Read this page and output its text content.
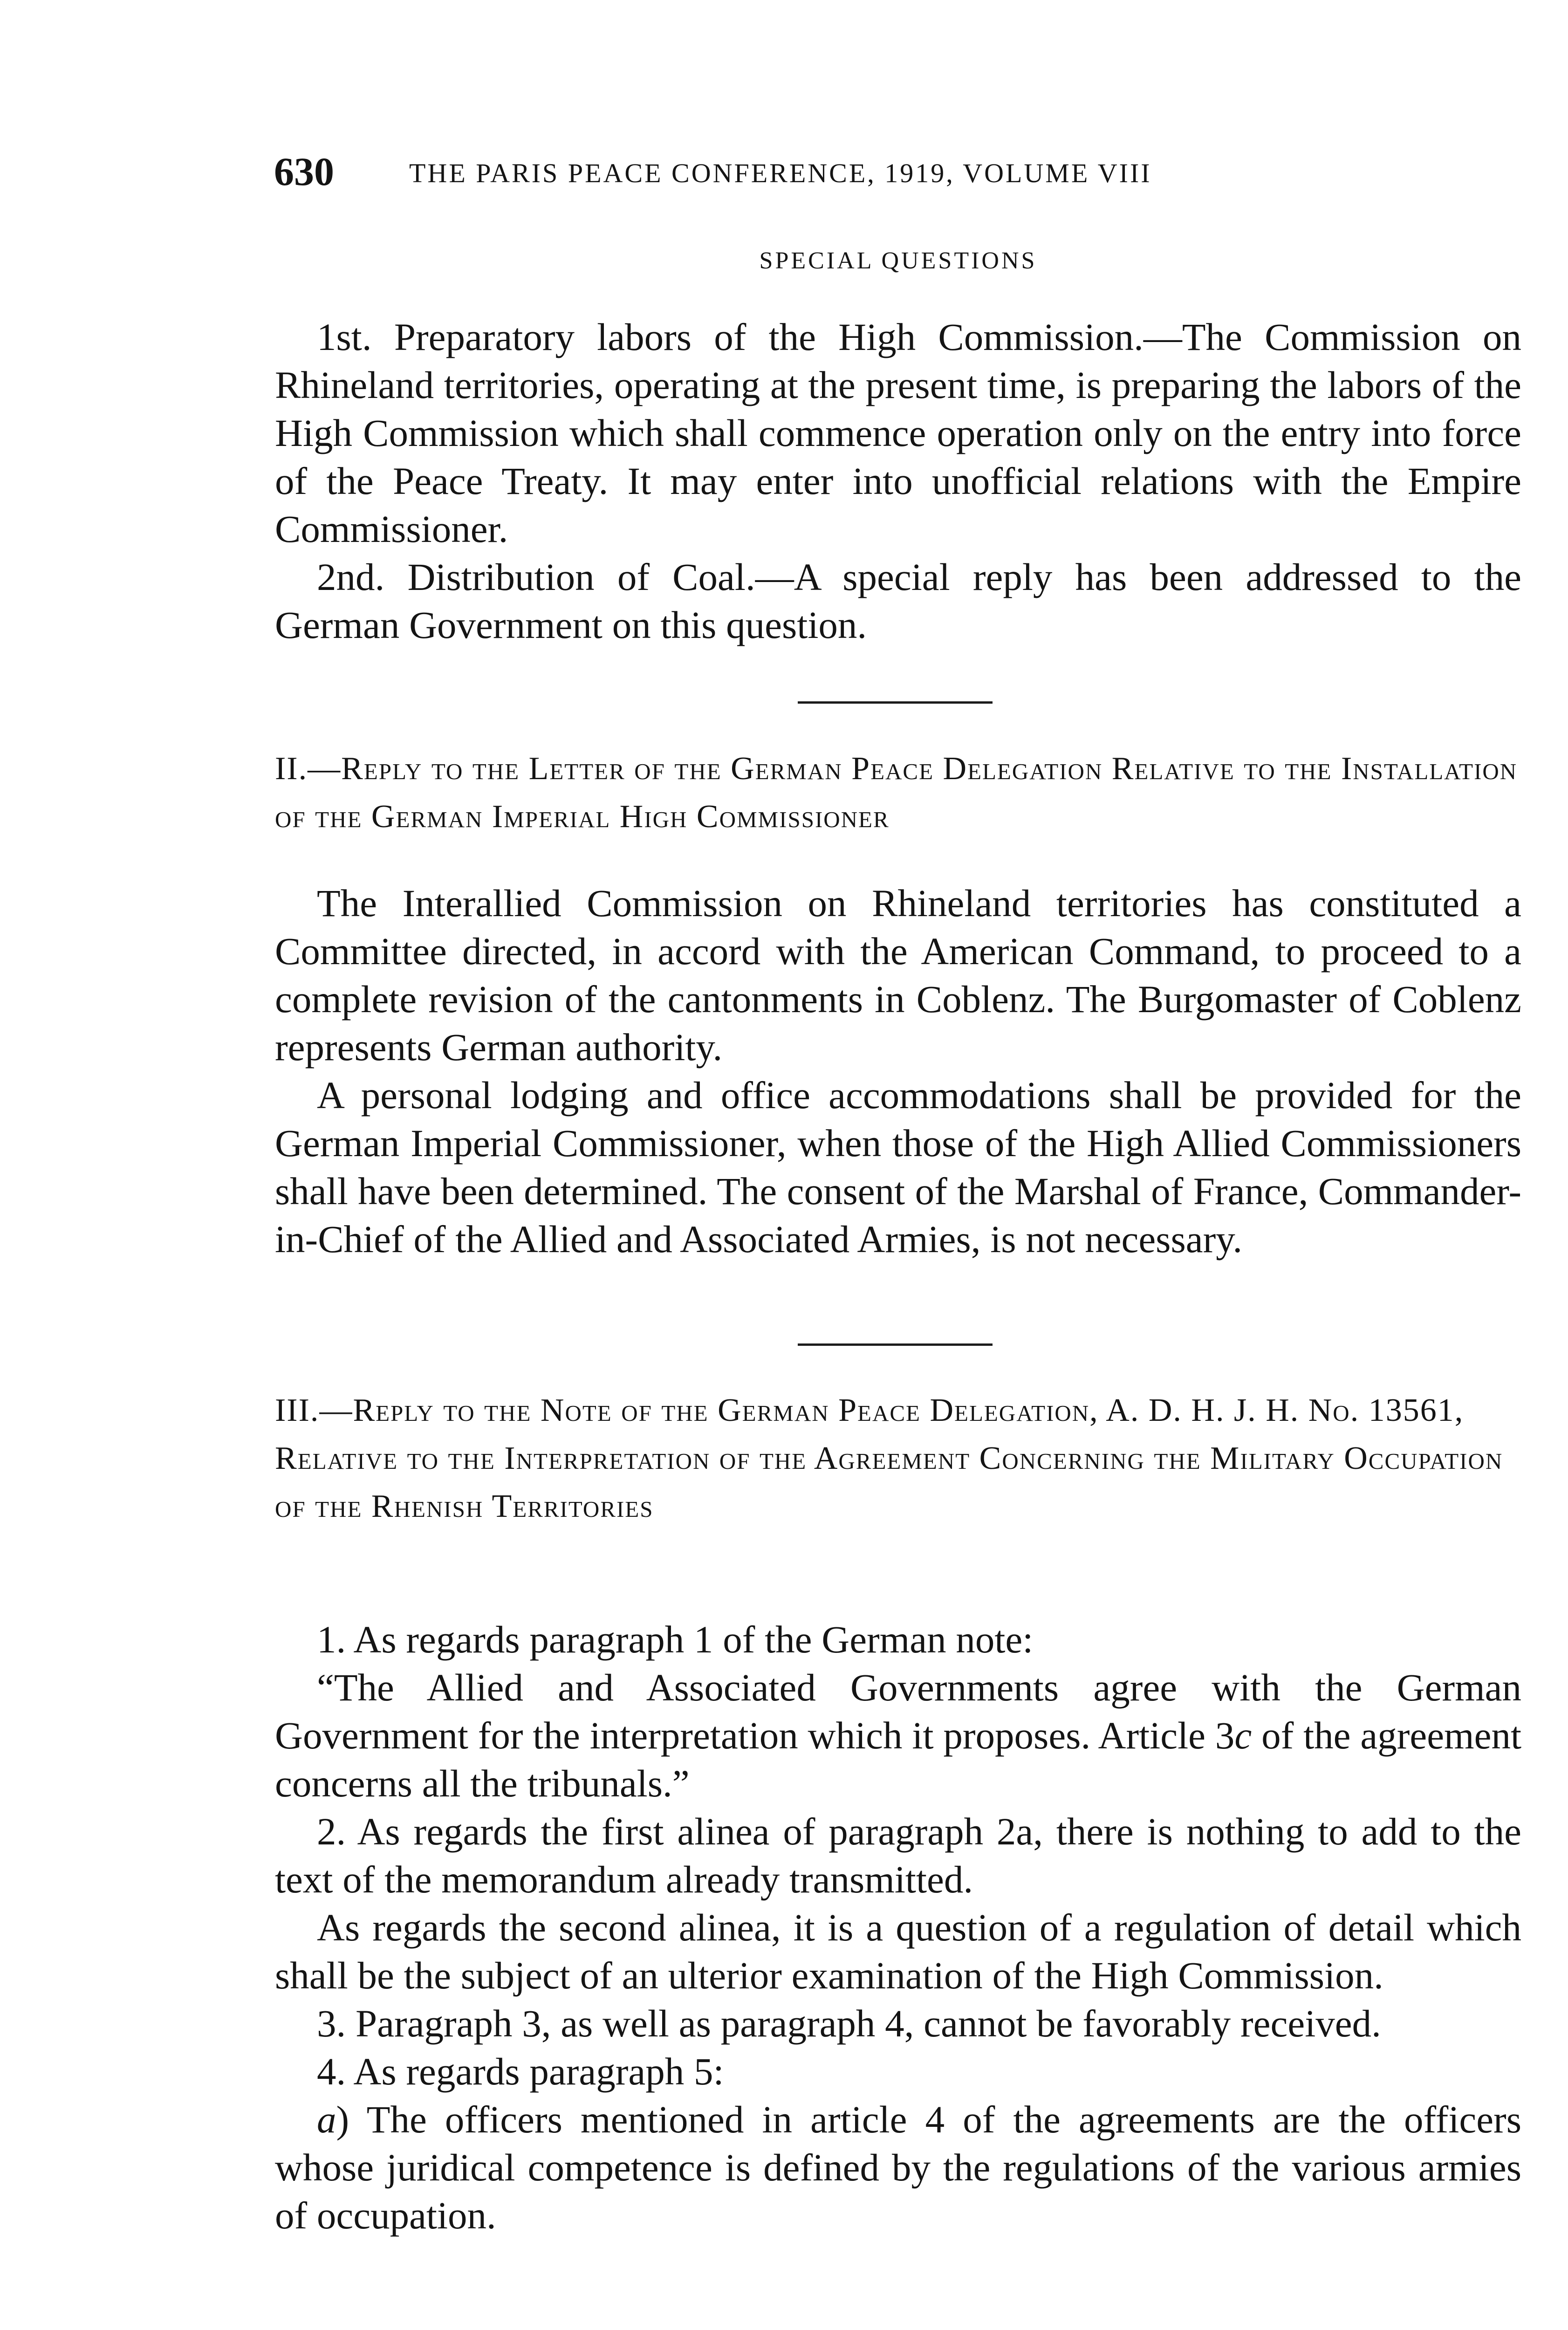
630	THE PARIS PEACE CONFERENCE, 1919, VOLUME VIII
SPECIAL QUESTIONS

1st. Preparatory labors of the High Commission.—The Commission on Rhineland territories, operating at the present time, is preparing the labors of the High Commission which shall commence operation only on the entry into force of the Peace Treaty. It may enter into unofficial relations with the Empire Commissioner.

2nd. Distribution of Coal.—A special reply has been addressed to the German Government on this question.

II.—Reply to the Letter of the German Peace Delegation Relative to the Installation of the German Imperial High Commissioner

The Interallied Commission on Rhineland territories has constituted a Committee directed, in accord with the American Command, to proceed to a complete revision of the cantonments in Coblenz. The Burgomaster of Coblenz represents German authority.

A personal lodging and office accommodations shall be provided for the German Imperial Commissioner, when those of the High Allied Commissioners shall have been determined. The consent of the Marshal of France, Commander-in-Chief of the Allied and Associated Armies, is not necessary.

III.—Reply to the Note of the German Peace Delegation, A. D. H. J. H. No. 13561, Relative to the Interpretation of the Agreement Concerning the Military Occupation of the Rhenish Territories

1. As regards paragraph 1 of the German note:

“The Allied and Associated Governments agree with the German Government for the interpretation which it proposes. Article 3c of the agreement concerns all the tribunals.”

2. As regards the first alinea of paragraph 2a, there is nothing to add to the text of the memorandum already transmitted.

As regards the second alinea, it is a question of a regulation of detail which shall be the subject of an ulterior examination of the High Commission.

3. Paragraph 3, as well as paragraph 4, cannot be favorably received.

4. As regards paragraph 5:

a) The officers mentioned in article 4 of the agreements are the officers whose juridical competence is defined by the regulations of the various armies of occupation.
